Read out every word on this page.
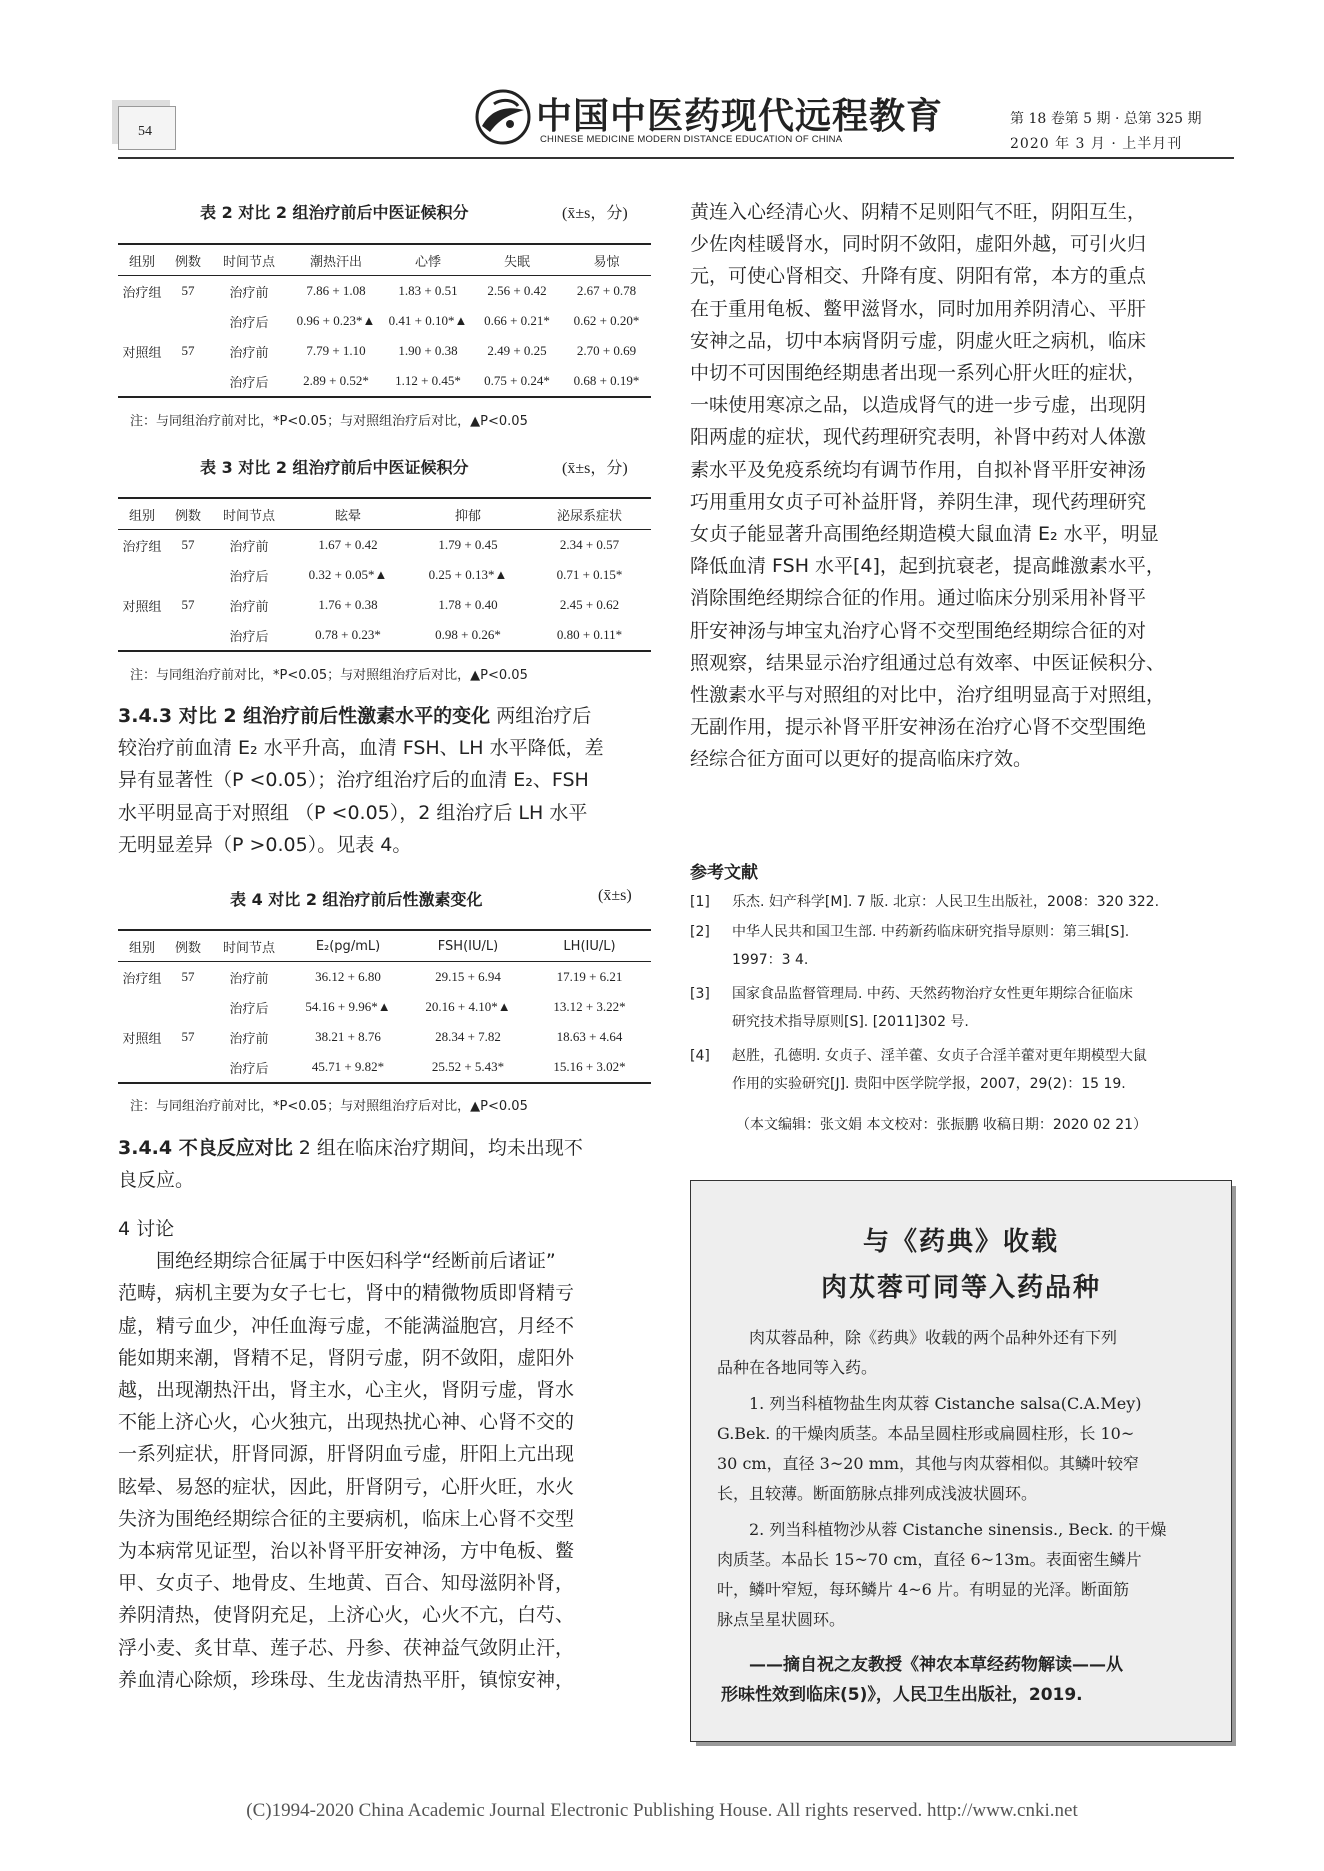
54	中国中医药现代远程教育
CHINESE MEDICINE MODERN DISTANCE EDUCATION OF CHINA
第 18 卷第 5 期 · 总第 325 期
2020 年 3 月 · 上半月刊
表 2 对比 2 组治疗前后中医证候积分	(x̄±s，分)
组别	例数	时间节点	潮热汗出	心悸	失眠	易惊
治疗组	57	治疗前	7.86 + 1.08	1.83 + 0.51	2.56 + 0.42	2.67 + 0.78
		治疗后	0.96 + 0.23*▲	0.41 + 0.10*▲	0.66 + 0.21*	0.62 + 0.20*
对照组	57	治疗前	7.79 + 1.10	1.90 + 0.38	2.49 + 0.25	2.70 + 0.69
		治疗后	2.89 + 0.52*	1.12 + 0.45*	0.75 + 0.24*	0.68 + 0.19*
注：与同组治疗前对比，*P<0.05；与对照组治疗后对比，▲P<0.05
表 3 对比 2 组治疗前后中医证候积分	(x̄±s，分)
组别	例数	时间节点	眩晕	抑郁	泌尿系症状
治疗组	57	治疗前	1.67 + 0.42	1.79 + 0.45	2.34 + 0.57
		治疗后	0.32 + 0.05*▲	0.25 + 0.13*▲	0.71 + 0.15*
对照组	57	治疗前	1.76 + 0.38	1.78 + 0.40	2.45 + 0.62
		治疗后	0.78 + 0.23*	0.98 + 0.26*	0.80 + 0.11*
注：与同组治疗前对比，*P<0.05；与对照组治疗后对比，▲P<0.05
3.4.3 对比 2 组治疗前后性激素水平的变化 两组治疗后
较治疗前血清 E₂ 水平升高，血清 FSH、LH 水平降低，差
异有显著性（P <0.05）；治疗组治疗后的血清 E₂、FSH
水平明显高于对照组 （P <0.05），2 组治疗后 LH 水平
无明显差异（P >0.05）。见表 4。
表 4 对比 2 组治疗前后性激素变化	(x̄±s)
组别	例数	时间节点	E₂(pg/mL)	FSH(IU/L)	LH(IU/L)
治疗组	57	治疗前	36.12 + 6.80	29.15 + 6.94	17.19 + 6.21
		治疗后	54.16 + 9.96*▲	20.16 + 4.10*▲	13.12 + 3.22*
对照组	57	治疗前	38.21 + 8.76	28.34 + 7.82	18.63 + 4.64
		治疗后	45.71 + 9.82*	25.52 + 5.43*	15.16 + 3.02*
注：与同组治疗前对比，*P<0.05；与对照组治疗后对比，▲P<0.05
3.4.4 不良反应对比 2 组在临床治疗期间，均未出现不
良反应。
4 讨论
围绝经期综合征属于中医妇科学“经断前后诸证”
范畴，病机主要为女子七七，肾中的精微物质即肾精亏
虚，精亏血少，冲任血海亏虚，不能满溢胞宫，月经不
能如期来潮，肾精不足，肾阴亏虚，阴不敛阳，虚阳外
越，出现潮热汗出，肾主水，心主火，肾阴亏虚，肾水
不能上济心火，心火独亢，出现热扰心神、心肾不交的
一系列症状，肝肾同源，肝肾阴血亏虚，肝阳上亢出现
眩晕、易怒的症状，因此，肝肾阴亏，心肝火旺，水火
失济为围绝经期综合征的主要病机，临床上心肾不交型
为本病常见证型，治以补肾平肝安神汤，方中龟板、鳖
甲、女贞子、地骨皮、生地黄、百合、知母滋阴补肾，
养阴清热，使肾阴充足，上济心火，心火不亢，白芍、
浮小麦、炙甘草、莲子芯、丹参、茯神益气敛阴止汗，
养血清心除烦，珍珠母、生龙齿清热平肝，镇惊安神，
黄连入心经清心火、阴精不足则阳气不旺，阴阳互生，
少佐肉桂暖肾水，同时阴不敛阳，虚阳外越，可引火归
元，可使心肾相交、升降有度、阴阳有常，本方的重点
在于重用龟板、鳖甲滋肾水，同时加用养阴清心、平肝
安神之品，切中本病肾阴亏虚，阴虚火旺之病机，临床
中切不可因围绝经期患者出现一系列心肝火旺的症状，
一味使用寒凉之品，以造成肾气的进一步亏虚，出现阴
阳两虚的症状，现代药理研究表明，补肾中药对人体激
素水平及免疫系统均有调节作用，自拟补肾平肝安神汤
巧用重用女贞子可补益肝肾，养阴生津，现代药理研究
女贞子能显著升高围绝经期造模大鼠血清 E₂ 水平，明显
降低血清 FSH 水平[4]，起到抗衰老，提高雌激素水平，
消除围绝经期综合征的作用。通过临床分别采用补肾平
肝安神汤与坤宝丸治疗心肾不交型围绝经期综合征的对
照观察，结果显示治疗组通过总有效率、中医证候积分、
性激素水平与对照组的对比中，治疗组明显高于对照组，
无副作用，提示补肾平肝安神汤在治疗心肾不交型围绝
经综合征方面可以更好的提高临床疗效。
参考文献
[1] 乐杰. 妇产科学[M]. 7 版. 北京：人民卫生出版社，2008：320 322.
[2] 中华人民共和国卫生部. 中药新药临床研究指导原则：第三辑[S].
1997：3 4.
[3] 国家食品监督管理局. 中药、天然药物治疗女性更年期综合征临床
研究技术指导原则[S]. [2011]302 号.
[4] 赵胜，孔德明. 女贞子、淫羊藿、女贞子合淫羊藿对更年期模型大鼠
作用的实验研究[J]. 贵阳中医学院学报，2007，29(2)：15 19.
（本文编辑：张文娟 本文校对：张振鹏 收稿日期：2020 02 21）
与《药典》收载
肉苁蓉可同等入药品种
肉苁蓉品种，除《药典》收载的两个品种外还有下列
品种在各地同等入药。
1. 列当科植物盐生肉苁蓉 Cistanche salsa(C.A.Mey)
G.Bek. 的干燥肉质茎。本品呈圆柱形或扁圆柱形，长 10~
30 cm，直径 3~20 mm，其他与肉苁蓉相似。其鳞叶较窄
长，且较薄。断面筋脉点排列成浅波状圆环。
2. 列当科植物沙从蓉 Cistanche sinensis., Beck. 的干燥
肉质茎。本品长 15~70 cm，直径 6~13m。表面密生鳞片
叶，鳞叶窄短，每环鳞片 4~6 片。有明显的光泽。断面筋
脉点呈星状圆环。
——摘自祝之友教授《神农本草经药物解读——从
形味性效到临床(5)》，人民卫生出版社，2019.
(C)1994-2020 China Academic Journal Electronic Publishing House. All rights reserved. http://www.cnki.net
